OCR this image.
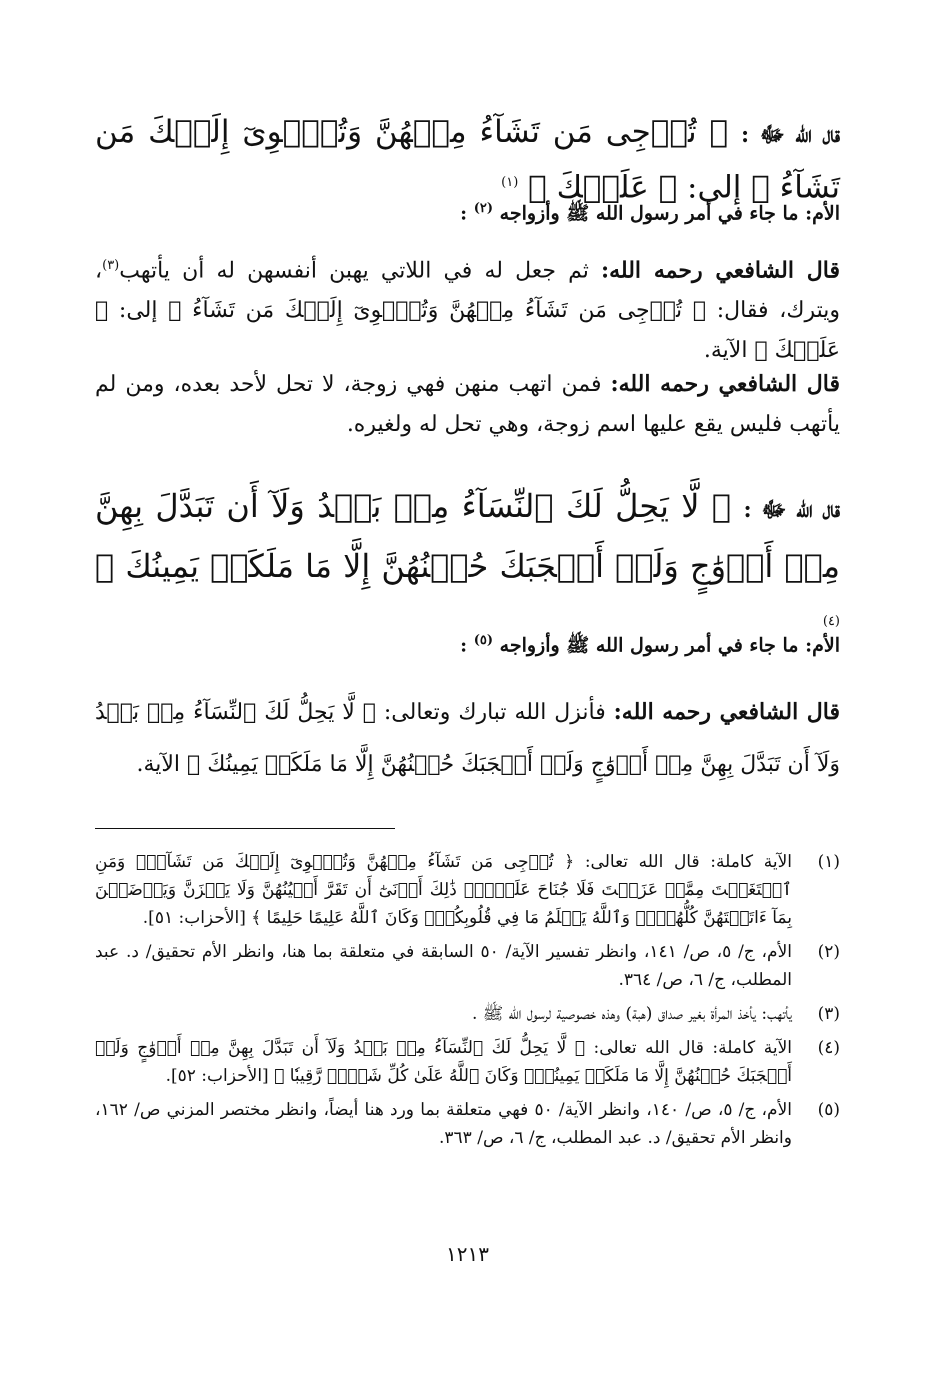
قال الله ﷻ : ﴿ تُرۡجِى مَن تَشَآءُ مِنۡهُنَّ وَتُـٔۡوِىٓ إِلَيۡكَ مَن تَشَآءُ ﴾ إلى: ﴿ عَلَيۡكَ ﴾ $^{(١)}$
الأم: ما جاء في أمر رسول الله ﷺ وأزواجه $^{(٢)}$ :
قال الشافعي رحمه الله: ثم جعل له في اللاتي يهبن أنفسهن له أن يأتهب$^{(٣)}$، ويترك، فقال: ﴿ تُرۡجِى مَن تَشَآءُ مِنۡهُنَّ وَتُـٔۡوِىٓ إِلَيۡكَ مَن تَشَآءُ ﴾ إلى: ﴿ عَلَيۡكَ ﴾ الآية.
قال الشافعي رحمه الله: فمن اتهب منهن فهي زوجة، لا تحل لأحد بعده، ومن لم يأتهب فليس يقع عليها اسم زوجة، وهي تحل له ولغيره.
قال الله ﷻ : ﴿ لَّا يَحِلُّ لَكَ ٱلنِّسَآءُ مِنۢ بَعۡدُ وَلَآ أَن تَبَدَّلَ بِهِنَّ مِنۡ أَزۡوَٰجٍ وَلَوۡ أَعۡجَبَكَ حُسۡنُهُنَّ إِلَّا مَا مَلَكَتۡ يَمِينُكَ ﴾ $^{(٤)}$
الأم: ما جاء في أمر رسول الله ﷺ وأزواجه $^{(٥)}$ :
قال الشافعي رحمه الله: فأنزل الله تبارك وتعالى: ﴿ لَّا يَحِلُّ لَكَ ٱلنِّسَآءُ مِنۢ بَعۡدُ وَلَآ أَن تَبَدَّلَ بِهِنَّ مِنۡ أَزۡوَٰجٍ وَلَوۡ أَعۡجَبَكَ حُسۡنُهُنَّ إِلَّا مَا مَلَكَتۡ يَمِينُكَ ﴾ الآية.
(١)
الآية كاملة: قال الله تعالى: ﴿ تُرۡجِى مَن تَشَآءُ مِنۡهُنَّ وَتُـٔۡوِىٓ إِلَيۡكَ مَن تَشَآءُۖ وَمَنِ ٱبۡتَغَيۡتَ مِمَّنۡ عَزَلۡتَ فَلَا جُنَاحَ عَلَيۡكَۚ ذَٰلِكَ أَدۡنَىٰٓ أَن تَقَرَّ أَعۡيُنُهُنَّ وَلَا يَحۡزَنَّ وَيَرۡضَيۡنَ بِمَآ ءَاتَيۡتَهُنَّ كُلُّهُنَّۚ وَٱللَّهُ يَعۡلَمُ مَا فِي قُلُوبِكُمۡۚ وَكَانَ ٱللَّهُ عَلِيمًا حَلِيمًا ﴾ [الأحزاب: ٥١].
(٢)
الأم، ج/ ٥، ص/ ١٤١، وانظر تفسير الآية/ ٥٠ السابقة في متعلقة بما هنا، وانظر الأم تحقيق/ د. عبد المطلب، ج/ ٦، ص/ ٣٦٤.
(٣)
يأتهب: يأخذ المرأة بغير صداق (هبة) وهذه خصوصية لرسول الله ﷺ .
(٤)
الآية كاملة: قال الله تعالى: ﴿ لَّا يَحِلُّ لَكَ ٱلنِّسَآءُ مِنۢ بَعۡدُ وَلَآ أَن تَبَدَّلَ بِهِنَّ مِنۡ أَزۡوَٰجٍ وَلَوۡ أَعۡجَبَكَ حُسۡنُهُنَّ إِلَّا مَا مَلَكَتۡ يَمِينُكَۗ وَكَانَ ٱللَّهُ عَلَىٰ كُلِّ شَيۡءٖ رَّقِيبٗا ﴾ [الأحزاب: ٥٢].
(٥)
الأم، ج/ ٥، ص/ ١٤٠، وانظر الآية/ ٥٠ فهي متعلقة بما ورد هنا أيضاً، وانظر مختصر المزني ص/ ١٦٢، وانظر الأم تحقيق/ د. عبد المطلب، ج/ ٦، ص/ ٣٦٣.
١٢١٣
